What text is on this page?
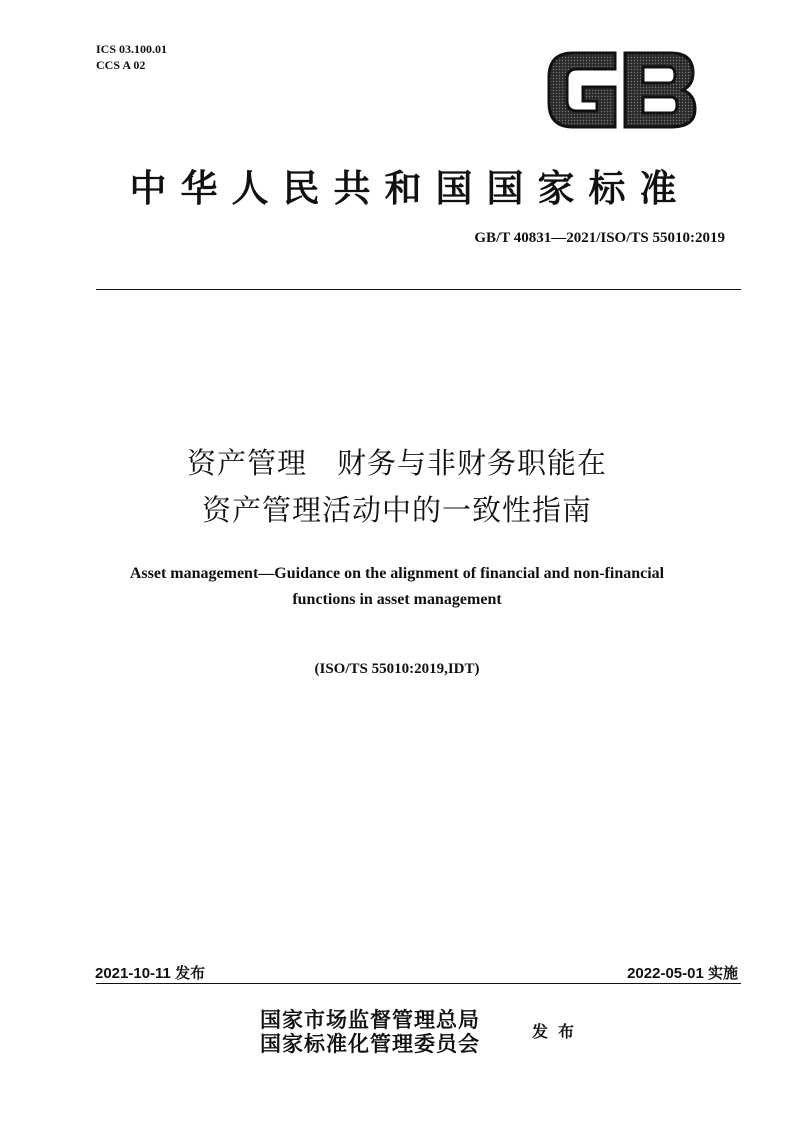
ICS 03.100.01
CCS A 02
中华人民共和国国家标准
GB/T 40831—2021/ISO/TS 55010:2019
资产管理　财务与非财务职能在
资产管理活动中的一致性指南
Asset management—Guidance on the alignment of financial and non-financial
functions in asset management
(ISO/TS 55010:2019,IDT)
2021-10-11 发布	2022-05-01 实施
国家市场监督管理总局
国家标准化管理委员会	发布
